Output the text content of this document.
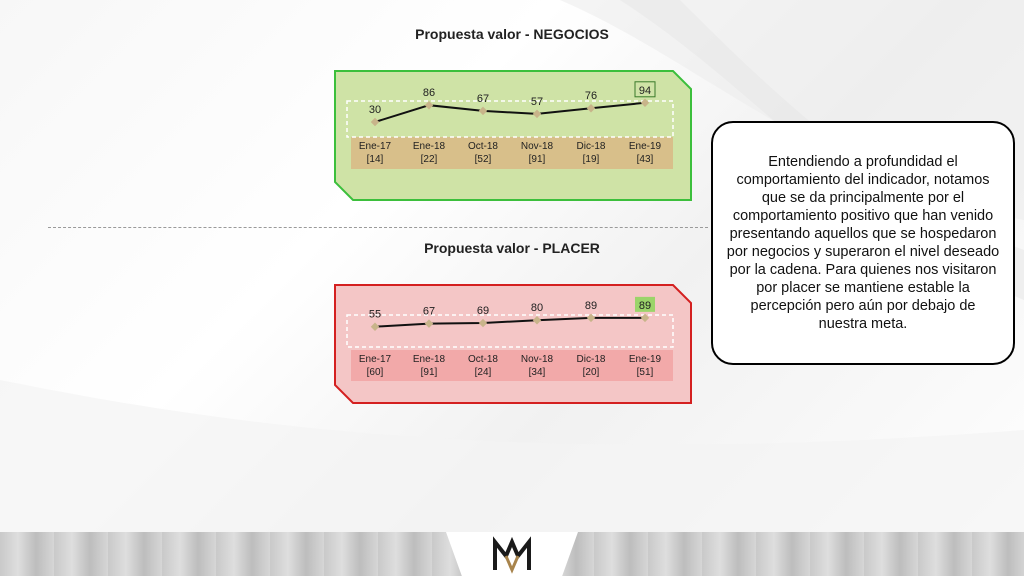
Propuesta valor - NEGOCIOS
30
Ene-17
[14]
86
Ene-18
[22]
67
Oct-18
[52]
57
Nov-18
[91]
76
Dic-18
[19]
94
Ene-19
[43]
Propuesta valor - PLACER
55
Ene-17
[60]
67
Ene-18
[91]
69
Oct-18
[24]
80
Nov-18
[34]
89
Dic-18
[20]
89
Ene-19
[51]
Entendiendo a profundidad el comportamiento del indicador, notamos que se da principalmente por el comportamiento positivo que han venido presentando aquellos que se hospedaron por negocios y superaron el nivel deseado por la cadena. Para quienes nos visitaron por placer se mantiene estable la percepción pero aún por debajo de nuestra meta.
